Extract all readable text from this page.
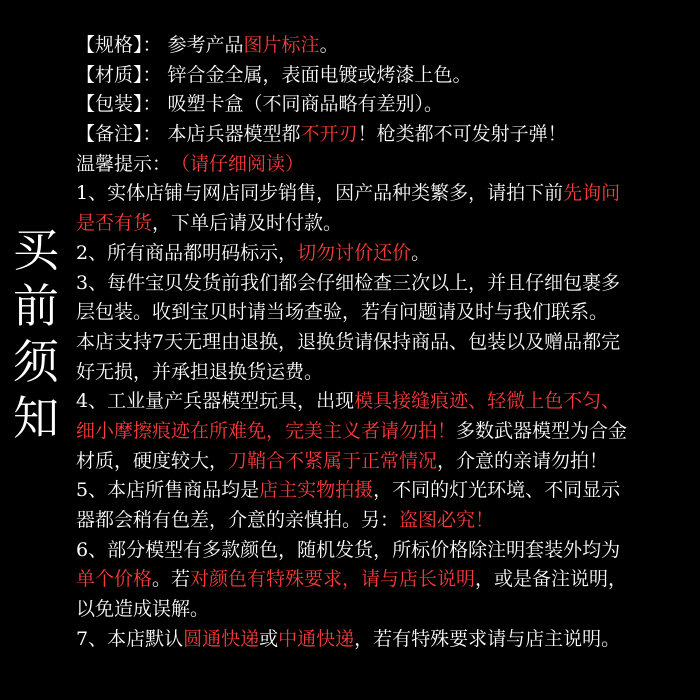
买
前
须
知
【规格】： 参考产品 图片标注 。
【材质】： 锌合金全属，表面电镀或烤漆上色。
【包装】： 吸塑卡盒（不同商品略有差别）。
【备注】： 本店兵器模型都 不开刃 ！枪类都不可发射子弹！
温馨提示： （请仔细阅读）
1、实体店铺与网店同步销售，因产品种类繁多，请拍下前 先询问
是否有货 ，下单后请及时付款。
2、所有商品都明码标示， 切勿讨价还价 。
3、每件宝贝发货前我们都会仔细检查三次以上，并且仔细包裹多
层包装。收到宝贝时请当场查验，若有问题请及时与我们联系。
本店支持7天无理由退换，退换货请保持商品、包装以及赠品都完
好无损，并承担退换货运费。
4、工业量产兵器模型玩具，出现 模具接缝痕迹、轻微上色不匀、
细小摩擦痕迹在所难免，完美主义者请勿拍！ 多数武器模型为合金
材质，硬度较大， 刀鞘合不紧属于正常情况 ，介意的亲请勿拍！
5、本店所售商品均是 店主实物拍摄 ，不同的灯光环境、不同显示
器都会稍有色差，介意的亲慎拍。另： 盗图必究！
6、部分模型有多款颜色，随机发货，所标价格除注明套装外均为
单个价格 。若 对颜色有特殊要求，请与店长说明 ，或是备注说明，
以免造成误解。
7、本店默认 圆通快递 或 中通快递 ，若有特殊要求请与店主说明。
